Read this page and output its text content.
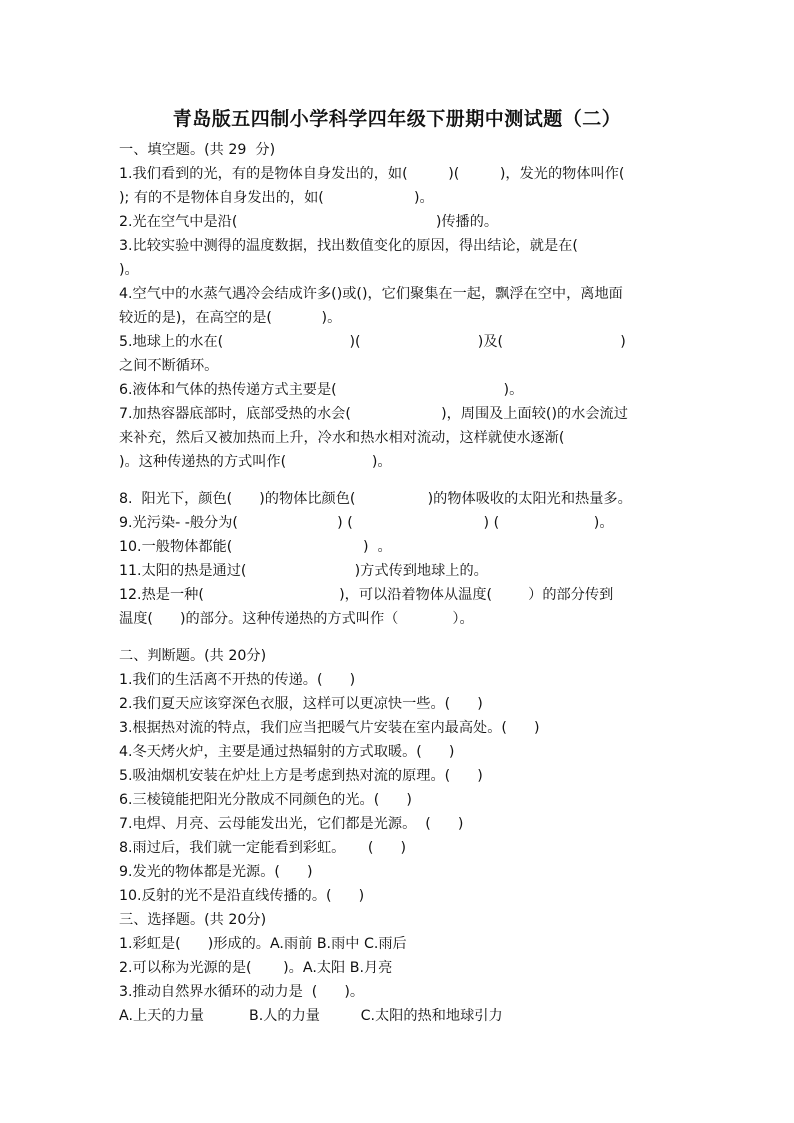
青岛版五四制小学科学四年级下册期中测试题（二）
一、填空题。(共 29  分)
1.我们看到的光，有的是物体自身发出的，如(         )(         )，发光的物体叫作(
); 有的不是物体自身发出的，如(                    )。
2.光在空气中是沿(                                            )传播的。
3.比较实验中测得的温度数据，找出数值变化的原因，得出结论，就是在(
)。
4.空气中的水蒸气遇冷会结成许多()或()，它们聚集在一起，飘浮在空中，离地面
较近的是)，在高空的是(           )。
5.地球上的水在(                            )(                          )及(                          )
之间不断循环。
6.液体和气体的热传递方式主要是(                                     )。
7.加热容器底部时，底部受热的水会(                    )，周围及上面较()的水会流过
来补充，然后又被加热而上升，冷水和热水相对流动，这样就使水逐渐(
)。这种传递热的方式叫作(                   )。
8.  阳光下，颜色(      )的物体比颜色(                )的物体吸收的太阳光和热量多。
9.光污染- -般分为(                      ) (                             ) (                     )。
10.一般物体都能(                             )  。
11.太阳的热是通过(                        )方式传到地球上的。
12.热是一种(                              )，可以沿着物体从温度(        ）的部分传到
温度(      )的部分。这种传递热的方式叫作（            ）。
二、判断题。(共 20分)
1.我们的生活离不开热的传递。(      )
2.我们夏天应该穿深色衣服，这样可以更凉快一些。(      )
3.根据热对流的特点，我们应当把暖气片安装在室内最高处。(      )
4.冬天烤火炉，主要是通过热辐射的方式取暖。(      )
5.吸油烟机安装在炉灶上方是考虑到热对流的原理。(      )
6.三棱镜能把阳光分散成不同颜色的光。(      )
7.电焊、月亮、云母能发出光，它们都是光源。  (      )
8.雨过后，我们就一定能看到彩虹。     (      )
9.发光的物体都是光源。(      )
10.反射的光不是沿直线传播的。(      )
三、选择题。(共 20分)
1.彩虹是(      )形成的。A.雨前 B.雨中 C.雨后
2.可以称为光源的是(       )。A.太阳 B.月亮
3.推动自然界水循环的动力是  (      )。
A.上天的力量          B.人的力量         C.太阳的热和地球引力
